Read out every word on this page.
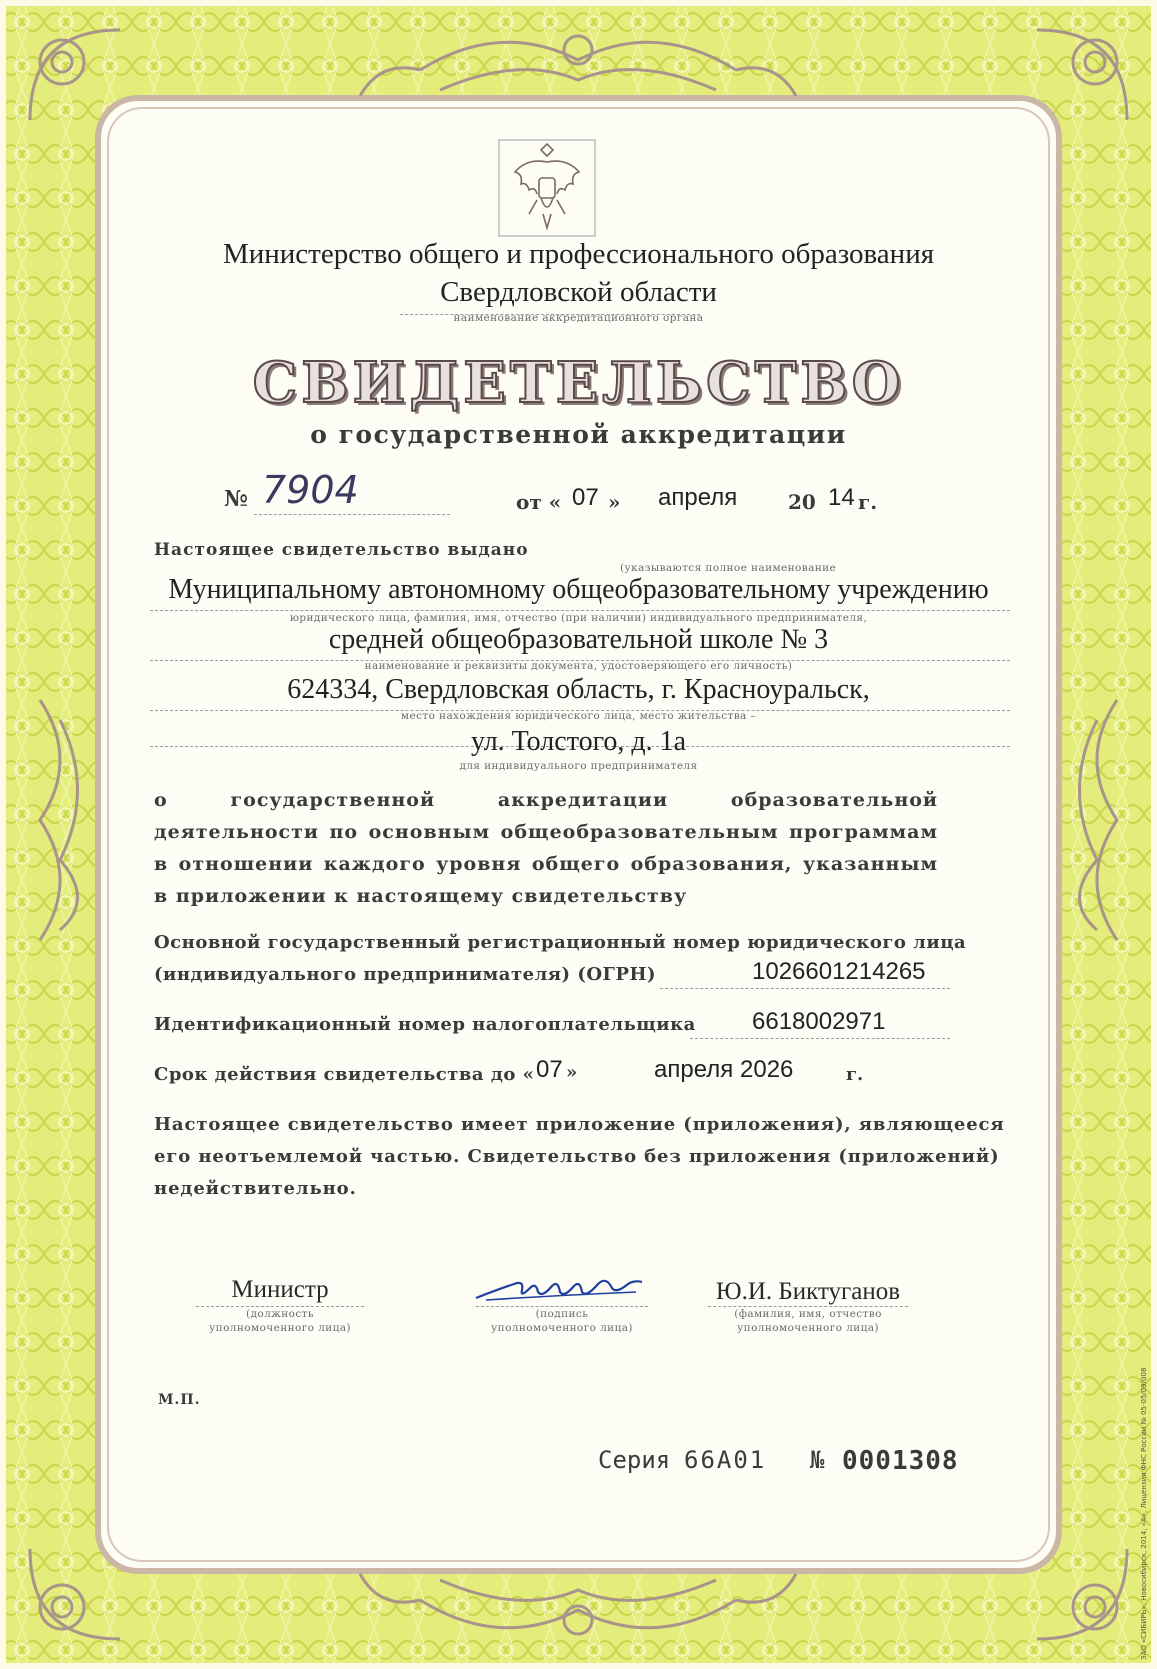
Министерство общего и профессионального образования
Свердловской области
наименование аккредитационного органа
СВИДЕТЕЛЬСТВО
о государственной аккредитации
№ 7904	от « 07 » апреля	20 14 г.
Настоящее свидетельство выдано
(указываются полное наименование
Муниципальному автономному общеобразовательному учреждению
юридического лица, фамилия, имя, отчество (при наличии) индивидуального предпринимателя,
средней общеобразовательной школе № 3
наименование и реквизиты документа, удостоверяющего его личность)
624334, Свердловская область, г. Красноуральск,
место нахождения юридического лица, место жительства –
ул. Толстого, д. 1а
для индивидуального предпринимателя
о государственной аккредитации образовательной деятельности по основным общеобразовательным программам в отношении каждого уровня общего образования, указанным в приложении к настоящему свидетельству
Основной государственный регистрационный номер юридического лица
(индивидуального предпринимателя) (ОГРН)	1026601214265
Идентификационный номер налогоплательщика 6618002971
Срок действия свидетельства до « 07 »	апреля 2026	г.
Настоящее свидетельство имеет приложение (приложения), являющееся
его неотъемлемой частью. Свидетельство без приложения (приложений)
недействительно.
Министр
(должность
уполномоченного лица)
(подпись
уполномоченного лица)
Ю.И. Биктуганов
(фамилия, имя, отчество
уполномоченного лица)
М.П.
Серия 66А01 № 0001308	ЗАО «СИБИРЬ», Новосибирск, 2014, «А», Лицензия ФНС России № 05-05/09/008
